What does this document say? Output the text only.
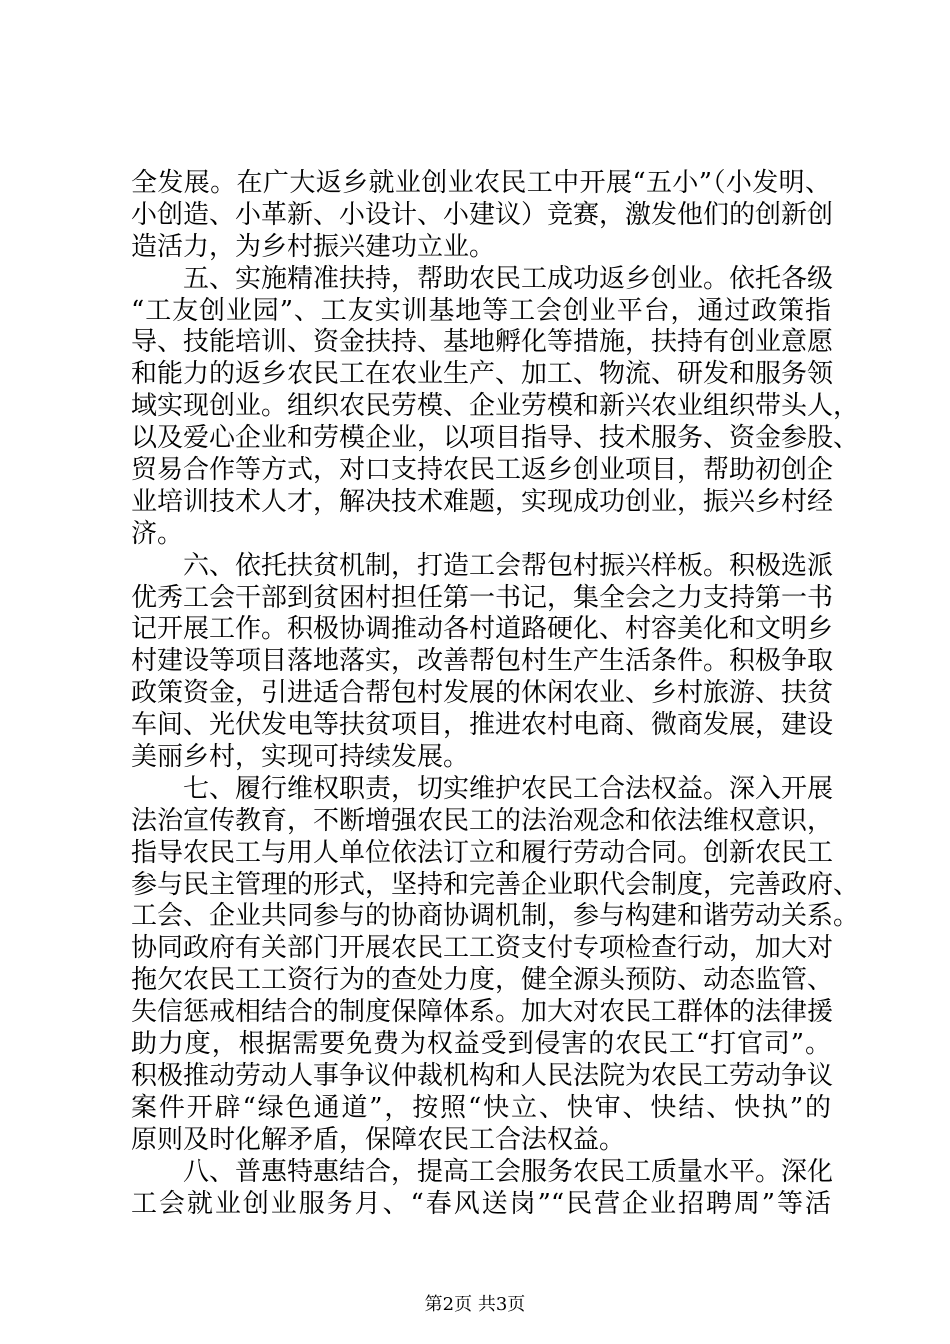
全发展。在广大返乡就业创业农民工中开展“五小”（小发明、
小创造、小革新、小设计、小建议）竞赛，激发他们的创新创
造活力，为乡村振兴建功立业。
五、实施精准扶持，帮助农民工成功返乡创业。依托各级
“工友创业园”、工友实训基地等工会创业平台，通过政策指
导、技能培训、资金扶持、基地孵化等措施，扶持有创业意愿
和能力的返乡农民工在农业生产、加工、物流、研发和服务领
域实现创业。组织农民劳模、企业劳模和新兴农业组织带头人，
以及爱心企业和劳模企业，以项目指导、技术服务、资金参股、
贸易合作等方式，对口支持农民工返乡创业项目，帮助初创企
业培训技术人才，解决技术难题，实现成功创业，振兴乡村经
济。
六、依托扶贫机制，打造工会帮包村振兴样板。积极选派
优秀工会干部到贫困村担任第一书记，集全会之力支持第一书
记开展工作。积极协调推动各村道路硬化、村容美化和文明乡
村建设等项目落地落实，改善帮包村生产生活条件。积极争取
政策资金，引进适合帮包村发展的休闲农业、乡村旅游、扶贫
车间、光伏发电等扶贫项目，推进农村电商、微商发展，建设
美丽乡村，实现可持续发展。
七、履行维权职责，切实维护农民工合法权益。深入开展
法治宣传教育，不断增强农民工的法治观念和依法维权意识，
指导农民工与用人单位依法订立和履行劳动合同。创新农民工
参与民主管理的形式，坚持和完善企业职代会制度，完善政府、
工会、企业共同参与的协商协调机制，参与构建和谐劳动关系。
协同政府有关部门开展农民工工资支付专项检查行动，加大对
拖欠农民工工资行为的查处力度，健全源头预防、动态监管、
失信惩戒相结合的制度保障体系。加大对农民工群体的法律援
助力度，根据需要免费为权益受到侵害的农民工“打官司”。
积极推动劳动人事争议仲裁机构和人民法院为农民工劳动争议
案件开辟“绿色通道”，按照“快立、快审、快结、快执”的
原则及时化解矛盾，保障农民工合法权益。
八、普惠特惠结合，提高工会服务农民工质量水平。深化
工会就业创业服务月、“春风送岗”“民营企业招聘周”等活
第2页 共3页
